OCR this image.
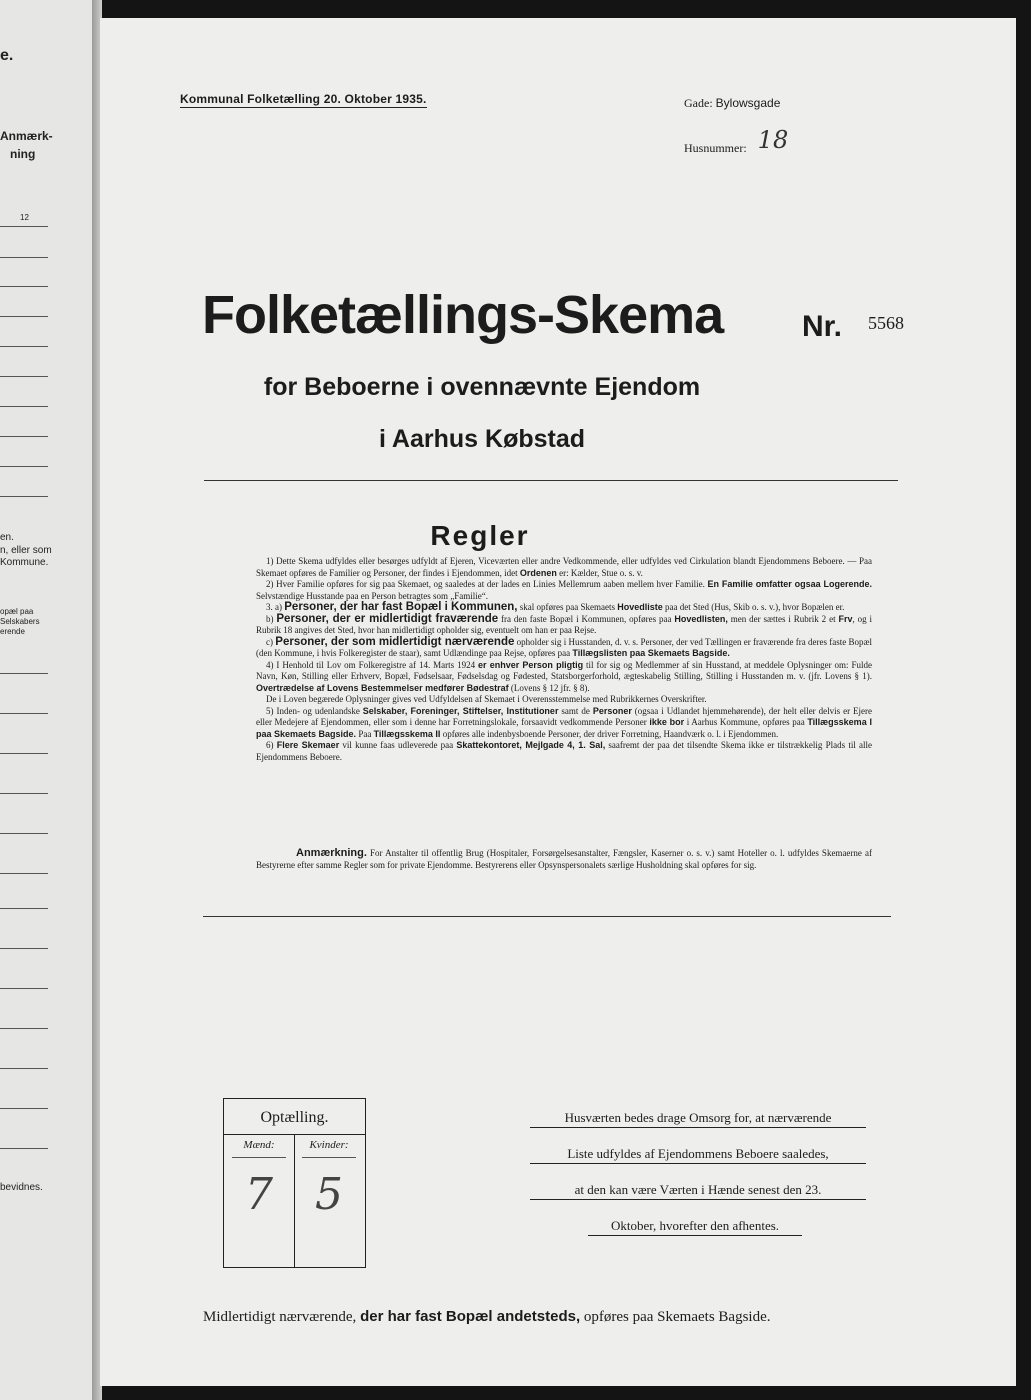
e.
Anmærk-
ning
12
en.
n, eller som
Kommune.
opæl paa
Selskabers
erende
bevidnes.
Kommunal Folketælling 20. Oktober 1935.	Gade: Bylowsgade
Husnummer: 18
Folketællings-Skema	Nr. 5568
for Beboerne i ovennævnte Ejendom
i Aarhus Købstad
Regler

1) Dette Skema udfyldes eller besørges udfyldt af Ejeren, Viceværten eller andre Vedkommende, eller udfyldes ved Cirkulation blandt Ejendommens Beboere. — Paa Skemaet opføres de Familier og Personer, der findes i Ejendommen, idet Ordenen er: Kælder, Stue o. s. v.

2) Hver Familie opføres for sig paa Skemaet, og saaledes at der lades en Linies Mellemrum aaben mellem hver Familie. En Familie omfatter ogsaa Logerende. Selvstændige Husstande paa en Person betragtes som „Familie“.

3. a) Personer, der har fast Bopæl i Kommunen, skal opføres paa Skemaets Hovedliste paa det Sted (Hus, Skib o. s. v.), hvor Bopælen er.

b) Personer, der er midlertidigt fraværende fra den faste Bopæl i Kommunen, opføres paa Hovedlisten, men der sættes i Rubrik 2 et Frv, og i Rubrik 18 angives det Sted, hvor han midlertidigt opholder sig, eventuelt om han er paa Rejse.

c) Personer, der som midlertidigt nærværende opholder sig i Husstanden, d. v. s. Personer, der ved Tællingen er fraværende fra deres faste Bopæl (den Kommune, i hvis Folkeregister de staar), samt Udlændinge paa Rejse, opføres paa Tillægslisten paa Skemaets Bagside.

4) I Henhold til Lov om Folkeregistre af 14. Marts 1924 er enhver Person pligtig til for sig og Medlemmer af sin Husstand, at meddele Oplysninger om: Fulde Navn, Køn, Stilling eller Erhverv, Bopæl, Fødselsaar, Fødselsdag og Fødested, Statsborgerforhold, ægteskabelig Stilling, Stilling i Husstanden m. v. (jfr. Lovens § 1). Overtrædelse af Lovens Bestemmelser medfører Bødestraf (Lovens § 12 jfr. § 8).

De i Loven begærede Oplysninger gives ved Udfyldelsen af Skemaet i Overensstemmelse med Rubrikkernes Overskrifter.

5) Inden- og udenlandske Selskaber, Foreninger, Stiftelser, Institutioner samt de Personer (ogsaa i Udlandet hjemmehørende), der helt eller delvis er Ejere eller Medejere af Ejendommen, eller som i denne har Forretningslokale, forsaavidt vedkommende Personer ikke bor i Aarhus Kommune, opføres paa Tillægsskema I paa Skemaets Bagside. Paa Tillægsskema II opføres alle indenbysboende Personer, der driver Forretning, Haandværk o. l. i Ejendommen.

6) Flere Skemaer vil kunne faas udleverede paa Skattekontoret, Mejlgade 4, 1. Sal, saafremt der paa det tilsendte Skema ikke er tilstrækkelig Plads til alle Ejendommens Beboere.

Anmærkning. For Anstalter til offentlig Brug (Hospitaler, Forsørgelsesanstalter, Fængsler, Kaserner o. s. v.) samt Hoteller o. l. udfyldes Skemaerne af Bestyrerne efter samme Regler som for private Ejendomme. Bestyrerens eller Opsynspersonalets særlige Husholdning skal opføres for sig.

Optælling.
Mænd:	Kvinder:
7 5
Husværten bedes drage Omsorg for, at nærværende
Liste udfyldes af Ejendommens Beboere saaledes,
at den kan være Værten i Hænde senest den 23.
Oktober, hvorefter den afhentes.
Midlertidigt nærværende, der har fast Bopæl andetsteds, opføres paa Skemaets Bagside.
